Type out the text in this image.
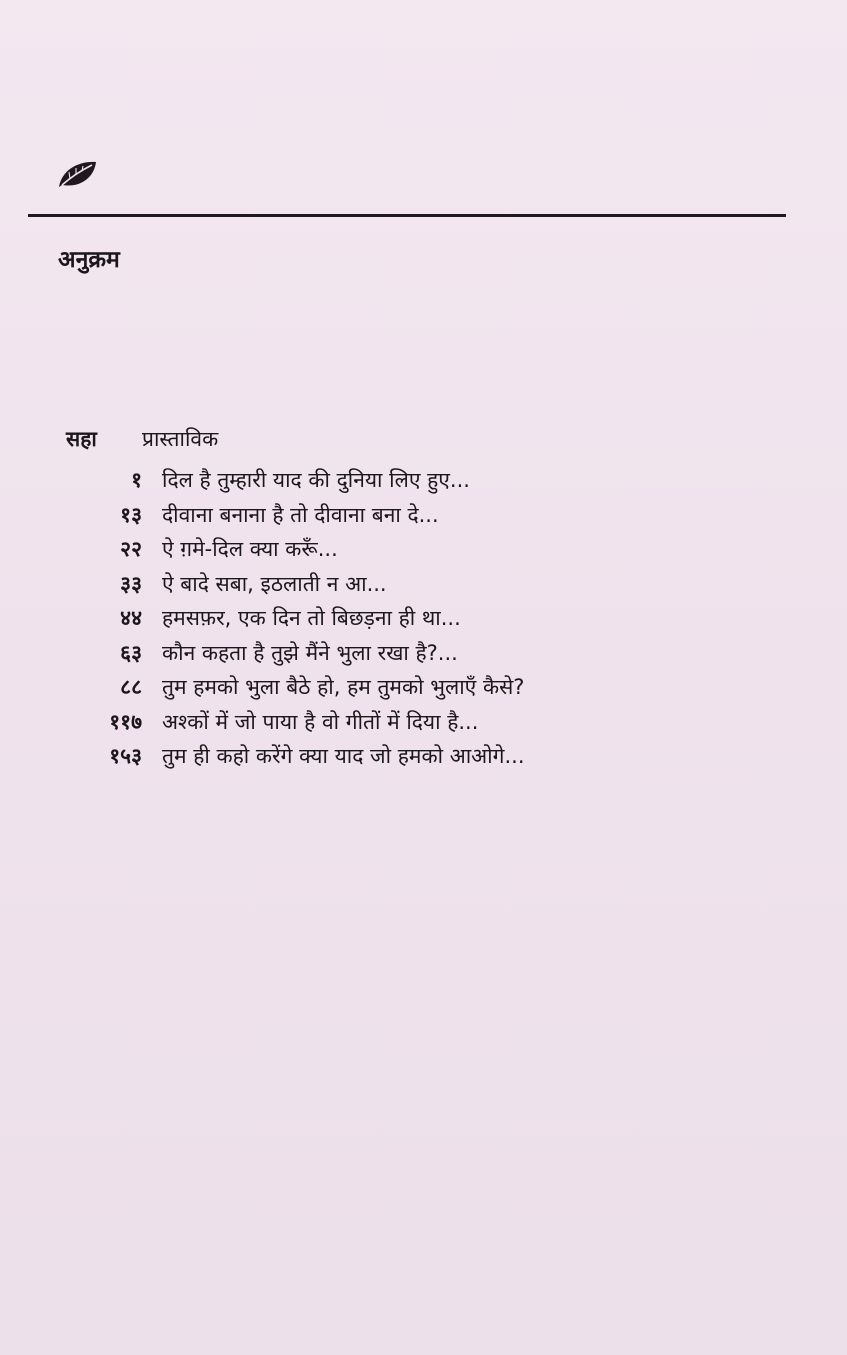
अनुक्रम
सहा प्रास्ताविक
१ दिल है तुम्हारी याद की दुनिया लिए हुए...
१३ दीवाना बनाना है तो दीवाना बना दे...
२२ ऐ ग़मे-दिल क्या करूँ...
३३ ऐ बादे सबा, इठलाती न आ...
४४ हमसफ़र, एक दिन तो बिछड़ना ही था...
६३ कौन कहता है तुझे मैंने भुला रखा है?...
८८ तुम हमको भुला बैठे हो, हम तुमको भुलाएँ कैसे?
११७ अश्कों में जो पाया है वो गीतों में दिया है...
१५३ तुम ही कहो करेंगे क्या याद जो हमको आओगे...
